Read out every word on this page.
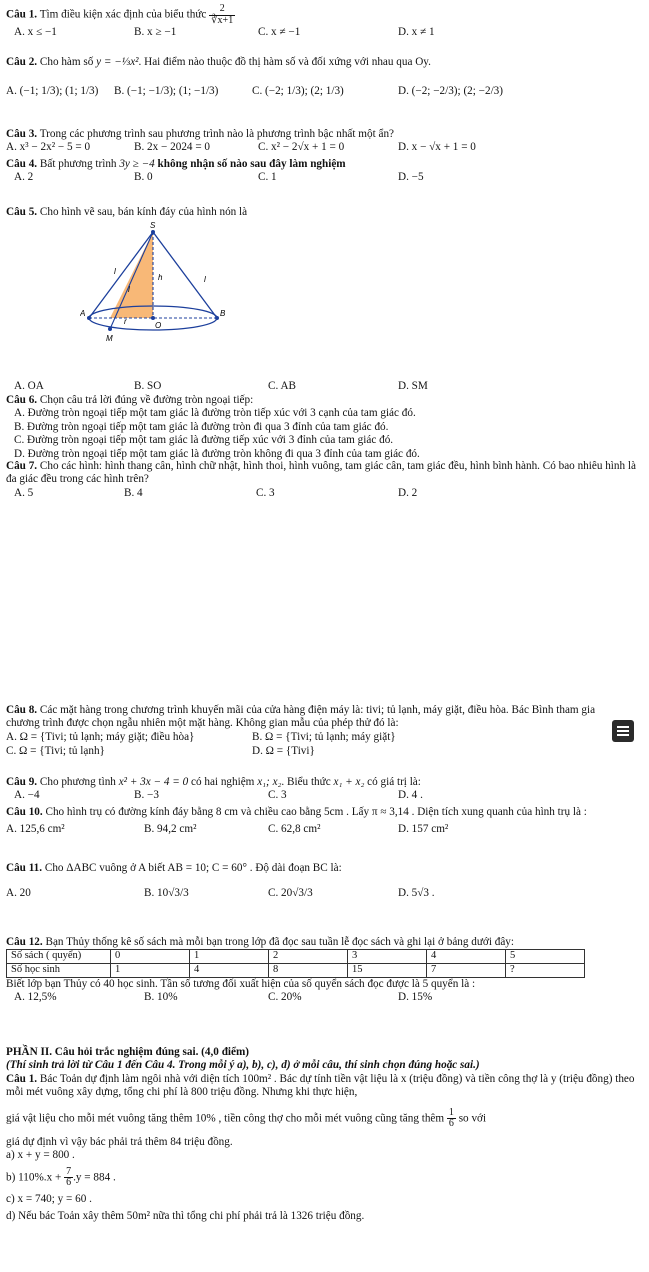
Câu 1. Tìm điều kiện xác định của biểu thức $\frac{2}{∛x+1}$

A. x ≤ −1	B. x ≥ −1	C. x ≠ −1	D. x ≠ 1

Câu 2. Cho hàm số y = −⅓x². Hai điểm nào thuộc đồ thị hàm số và đối xứng với nhau qua Oy.

A. (−1; 1/3); (1; 1/3) B. (−1; −1/3); (1; −1/3)	C. (−2; 1/3); (2; 1/3)	D. (−2; −2/3); (2; −2/3)

Câu 3. Trong các phương trình sau phương trình nào là phương trình bậc nhất một ẩn?

A. x³ − 2x² − 5 = 0	B. 2x − 2024 = 0	C. x² − 2√x + 1 = 0	D. x − √x + 1 = 0

Câu 4. Bất phương trình 3y ≥ −4 không nhận số nào sau đây làm nghiệm

A. 2	B. 0	C. 1	D. −5

Câu 5. Cho hình vẽ sau, bán kính đáy của hình nón là

S
h
l
l
l
A	B
O
M
r
A. OA	B. SO	C. AB	D. SM

Câu 6. Chọn câu trả lời đúng về đường tròn ngoại tiếp:

A. Đường tròn ngoại tiếp một tam giác là đường tròn tiếp xúc với 3 cạnh của tam giác đó.

B. Đường tròn ngoại tiếp một tam giác là đường tròn đi qua 3 đỉnh của tam giác đó.

C. Đường tròn ngoại tiếp một tam giác là đường tiếp xúc với 3 đỉnh của tam giác đó.

D. Đường tròn ngoại tiếp một tam giác là đường tròn không đi qua 3 đỉnh của tam giác đó.

Câu 7. Cho các hình: hình thang cân, hình chữ nhật, hình thoi, hình vuông, tam giác cân, tam giác đều, hình bình hành. Có bao nhiêu hình là đa giác đều trong các hình trên?

A. 5	B. 4	C. 3	D. 2

Câu 8. Các mặt hàng trong chương trình khuyến mãi của cửa hàng điện máy là: tivi; tủ lạnh, máy giặt, điều hòa. Bác Bình tham gia chương trình được chọn ngẫu nhiên một mặt hàng. Không gian mẫu của phép thử đó là:

A. Ω = {Tivi; tủ lạnh; máy giặt; điều hòa}	B. Ω = {Tivi; tủ lạnh; máy giặt}
C. Ω = {Tivi; tủ lạnh}	D. Ω = {Tivi}

Câu 9. Cho phương tình x² + 3x − 4 = 0 có hai nghiệm x₁; x₂. Biểu thức x₁ + x₂ có giá trị là:

A. −4	B. −3	C. 3	D. 4 .

Câu 10. Cho hình trụ có đường kính đáy bằng 8 cm và chiều cao bằng 5cm . Lấy π ≈ 3,14 . Diện tích xung quanh của hình trụ là :

A. 125,6 cm²	B. 94,2 cm²	C. 62,8 cm²	D. 157 cm²

Câu 11. Cho ΔABC vuông ở A biết AB = 10; C = 60° . Độ dài đoạn BC là:

A. 20	B. 10√3/3	C. 20√3/3	D. 5√3 .

Câu 12. Bạn Thủy thống kê số sách mà mỗi bạn trong lớp đã đọc sau tuần lễ đọc sách và ghi lại ở bảng dưới đây:

Số sách ( quyển)	0	1	2	3	4	5
Số học sinh	1	4	8	15	7	?

Biết lớp bạn Thủy có 40 học sinh. Tần số tương đối xuất hiện của số quyển sách đọc được là 5 quyển là :

A. 12,5%	B. 10%	C. 20%	D. 15%

PHẦN II. Câu hỏi trắc nghiệm đúng sai. (4,0 điểm)

(Thí sinh trả lời từ Câu 1 đến Câu 4. Trong mỗi ý a), b), c), d) ở mỗi câu, thí sinh chọn đúng hoặc sai.)

Câu 1. Bác Toản dự định làm ngôi nhà với diện tích 100m² . Bác dự tính tiền vật liệu là x (triệu đồng) và tiền công thợ là y (triệu đồng) theo mỗi mét vuông xây dựng, tổng chi phí là 800 triệu đồng. Nhưng khi thực hiện,

giá vật liệu cho mỗi mét vuông tăng thêm 10% , tiền công thợ cho mỗi mét vuông cũng tăng thêm $\frac{1}{6}$ so với

giá dự định vì vậy bác phải trả thêm 84 triệu đồng.

a) x + y = 800 .

b) $110\%.x + \frac{7}{6} .y = 884$ .

c) x = 740; y = 60 .

d) Nếu bác Toản xây thêm 50m² nữa thì tổng chi phí phải trả là 1326 triệu đồng.
